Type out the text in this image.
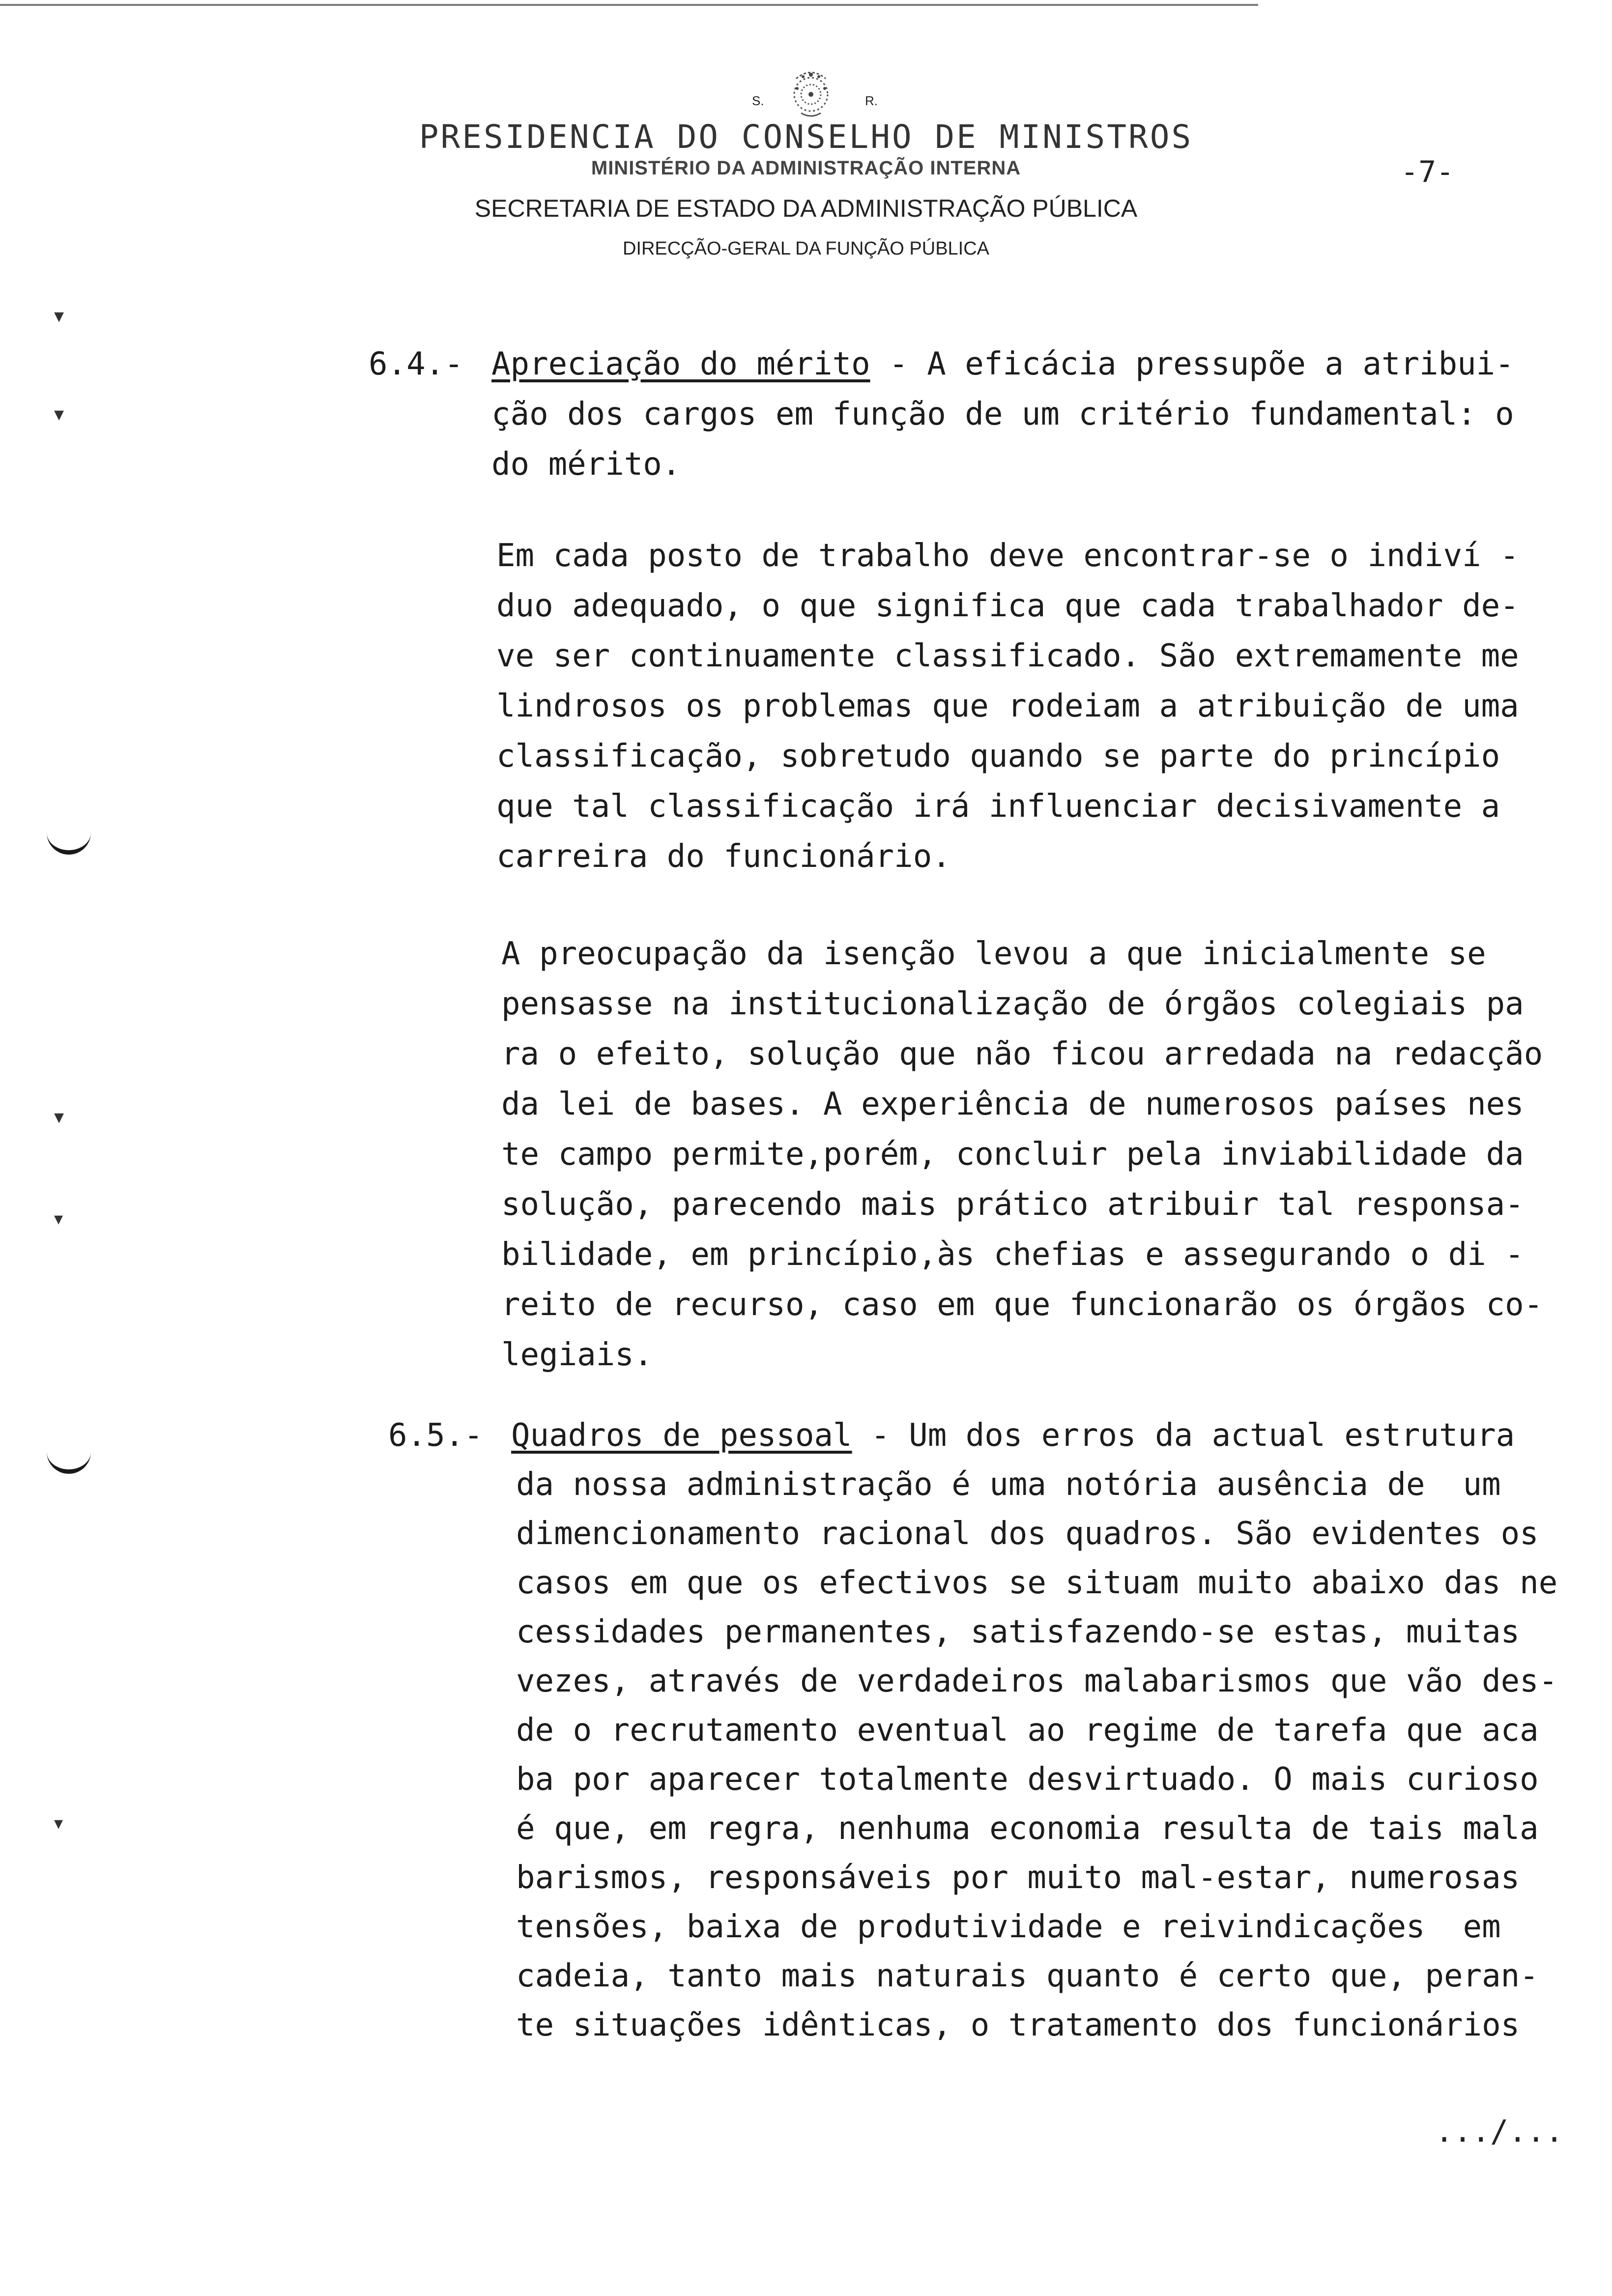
S.	R.
PRESIDENCIA DO CONSELHO DE MINISTROS
MINISTÉRIO DA ADMINISTRAÇÃO INTERNA
SECRETARIA DE ESTADO DA ADMINISTRAÇÃO PÚBLICA
DIRECÇÃO-GERAL DA FUNÇÃO PÚBLICA
-7-
6.4.- Apreciação do mérito - A eficácia pressupõe a atribui-
ção dos cargos em função de um critério fundamental: o
do mérito.
Em cada posto de trabalho deve encontrar-se o indiví -
duo adequado, o que significa que cada trabalhador de-
ve ser continuamente classificado. São extremamente me
lindrosos os problemas que rodeiam a atribuição de uma
classificação, sobretudo quando se parte do princípio
que tal classificação irá influenciar decisivamente a
carreira do funcionário.
A preocupação da isenção levou a que inicialmente se
pensasse na institucionalização de órgãos colegiais pa
ra o efeito, solução que não ficou arredada na redacção
da lei de bases. A experiência de numerosos países nes
te campo permite,porém, concluir pela inviabilidade da
solução, parecendo mais prático atribuir tal responsa-
bilidade, em princípio,às chefias e assegurando o di -
reito de recurso, caso em que funcionarão os órgãos co-
legiais.
6.5.- Quadros de pessoal - Um dos erros da actual estrutura
da nossa administração é uma notória ausência de  um
dimencionamento racional dos quadros. São evidentes os
casos em que os efectivos se situam muito abaixo das ne
cessidades permanentes, satisfazendo-se estas, muitas
vezes, através de verdadeiros malabarismos que vão des-
de o recrutamento eventual ao regime de tarefa que aca
ba por aparecer totalmente desvirtuado. O mais curioso
é que, em regra, nenhuma economia resulta de tais mala
barismos, responsáveis por muito mal-estar, numerosas
tensões, baixa de produtividade e reivindicações  em
cadeia, tanto mais naturais quanto é certo que, peran-
te situações idênticas, o tratamento dos funcionários
.../...
▾
▾
▾
▾
▾
